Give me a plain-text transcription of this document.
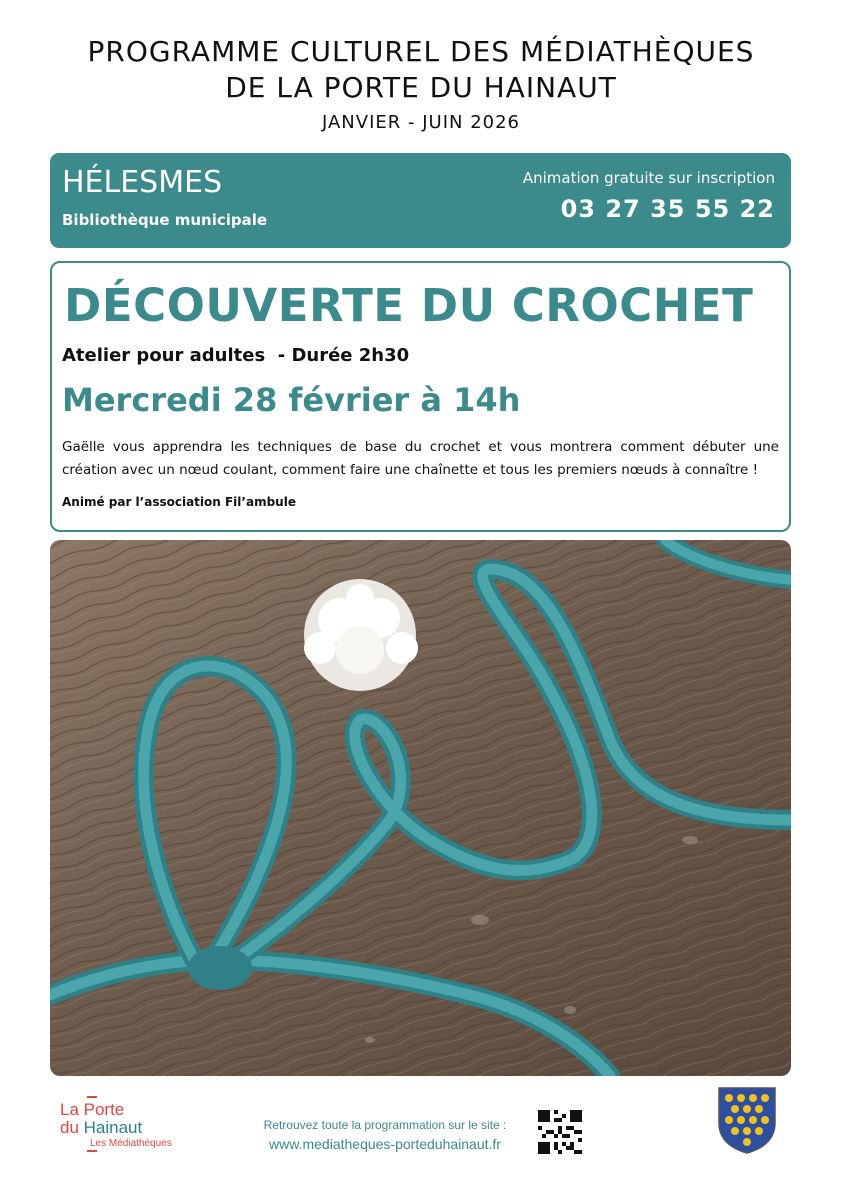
PROGRAMME CULTUREL DES MÉDIATHÈQUES
DE LA PORTE DU HAINAUT
JANVIER - JUIN 2026
HÉLESMES
Bibliothèque municipale
Animation gratuite sur inscription
03 27 35 55 22
DÉCOUVERTE DU CROCHET
Atelier pour adultes  - Durée 2h30
Mercredi 28 février à 14h
Gaëlle vous apprendra les techniques de base du crochet et vous montrera comment débuter une création avec un nœud coulant, comment faire une chaînette et tous les premiers nœuds à connaître !
Animé par l’association Fil’ambule
La Porte
du Hainaut
Les Médiathèques
Retrouvez toute la programmation sur le site :
www.mediatheques-porteduhainaut.fr
